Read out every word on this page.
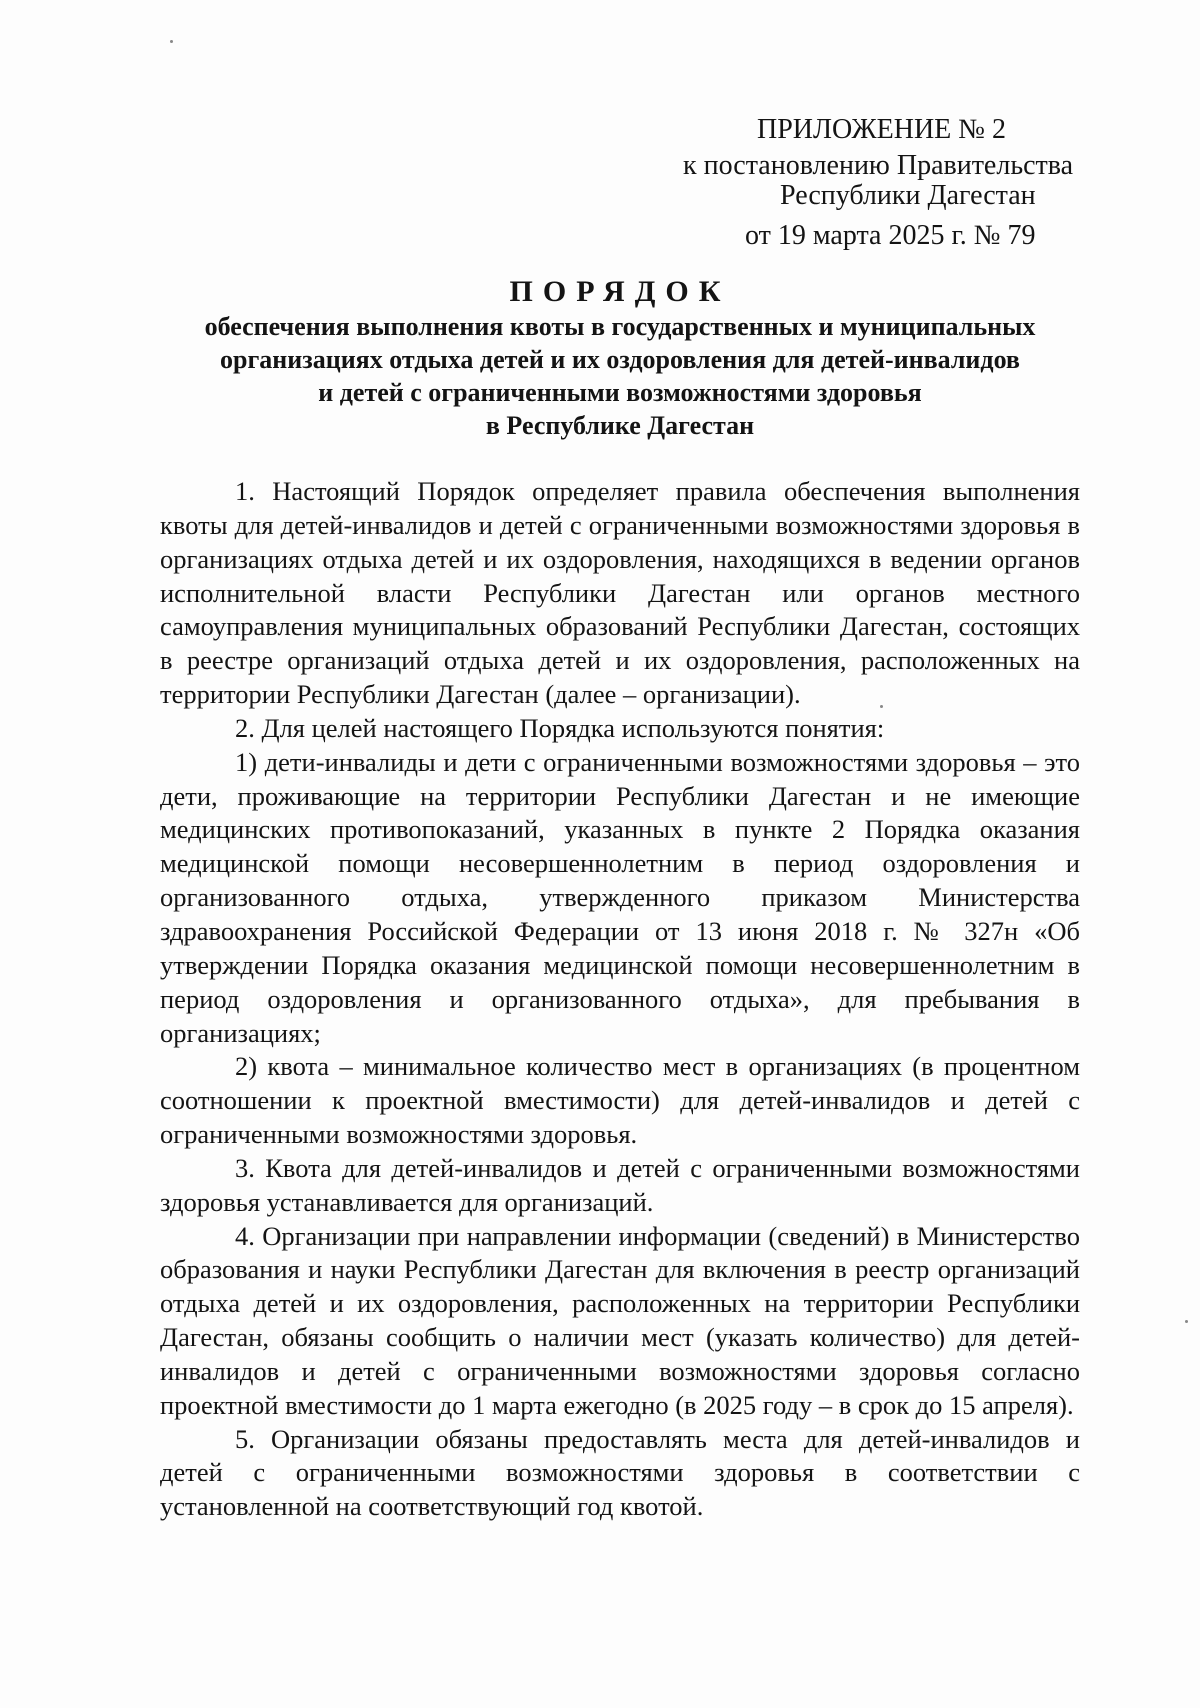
ПРИЛОЖЕНИЕ № 2
к постановлению Правительства
Республики Дагестан
от 19 марта 2025 г. № 79
ПОРЯДОК
обеспечения выполнения квоты в государственных и муниципальных
организациях отдыха детей и их оздоровления для детей-инвалидов
и детей с ограниченными возможностями здоровья
в Республике Дагестан

1. Настоящий Порядок определяет правила обеспечения выполнения квоты для детей-инвалидов и детей с ограниченными возможностями здоровья в организациях отдыха детей и их оздоровления, находящихся в ведении органов исполнительной власти Республики Дагестан или органов местного самоуправления муниципальных образований Республики Дагестан, состоящих в реестре организаций отдыха детей и их оздоровления, расположенных на территории Республики Дагестан (далее – организации).

2. Для целей настоящего Порядка используются понятия:

1) дети-инвалиды и дети с ограниченными возможностями здоровья – это дети, проживающие на территории Республики Дагестан и не имеющие медицинских противопоказаний, указанных в пункте 2 Порядка оказания медицинской помощи несовершеннолетним в период оздоровления и организованного отдыха, утвержденного приказом Министерства здравоохранения Российской Федерации от 13 июня 2018 г. № 327н «Об утверждении Порядка оказания медицинской помощи несовершеннолетним в период оздоровления и организованного отдыха», для пребывания в организациях;

2) квота – минимальное количество мест в организациях (в процентном соотношении к проектной вместимости) для детей-инвалидов и детей с ограниченными возможностями здоровья.

3. Квота для детей-инвалидов и детей с ограниченными возможностями здоровья устанавливается для организаций.

4. Организации при направлении информации (сведений) в Министерство образования и науки Республики Дагестан для включения в реестр организаций отдыха детей и их оздоровления, расположенных на территории Республики Дагестан, обязаны сообщить о наличии мест (указать количество) для детей-инвалидов и детей с ограниченными возможностями здоровья согласно проектной вместимости до 1 марта ежегодно (в 2025 году – в срок до 15 апреля).

5. Организации обязаны предоставлять места для детей-инвалидов и детей с ограниченными возможностями здоровья в соответствии с установленной на соответствующий год квотой.
